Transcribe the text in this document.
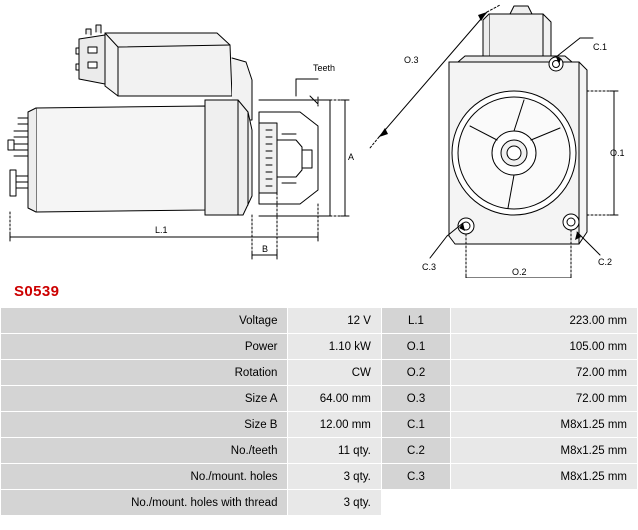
Teeth
A
L.1
B
O.3
C.1
O.1
C.2
C.3	O.2
S0539
Voltage	12 V	L.1	223.00 mm
Power	1.10 kW	O.1	105.00 mm
Rotation	CW	O.2	72.00 mm
Size A	64.00 mm	O.3	72.00 mm
Size B	12.00 mm	C.1	M8x1.25 mm
No./teeth	11 qty.	C.2	M8x1.25 mm
No./mount. holes	3 qty.	C.3	M8x1.25 mm
No./mount. holes with thread	3 qty.		
